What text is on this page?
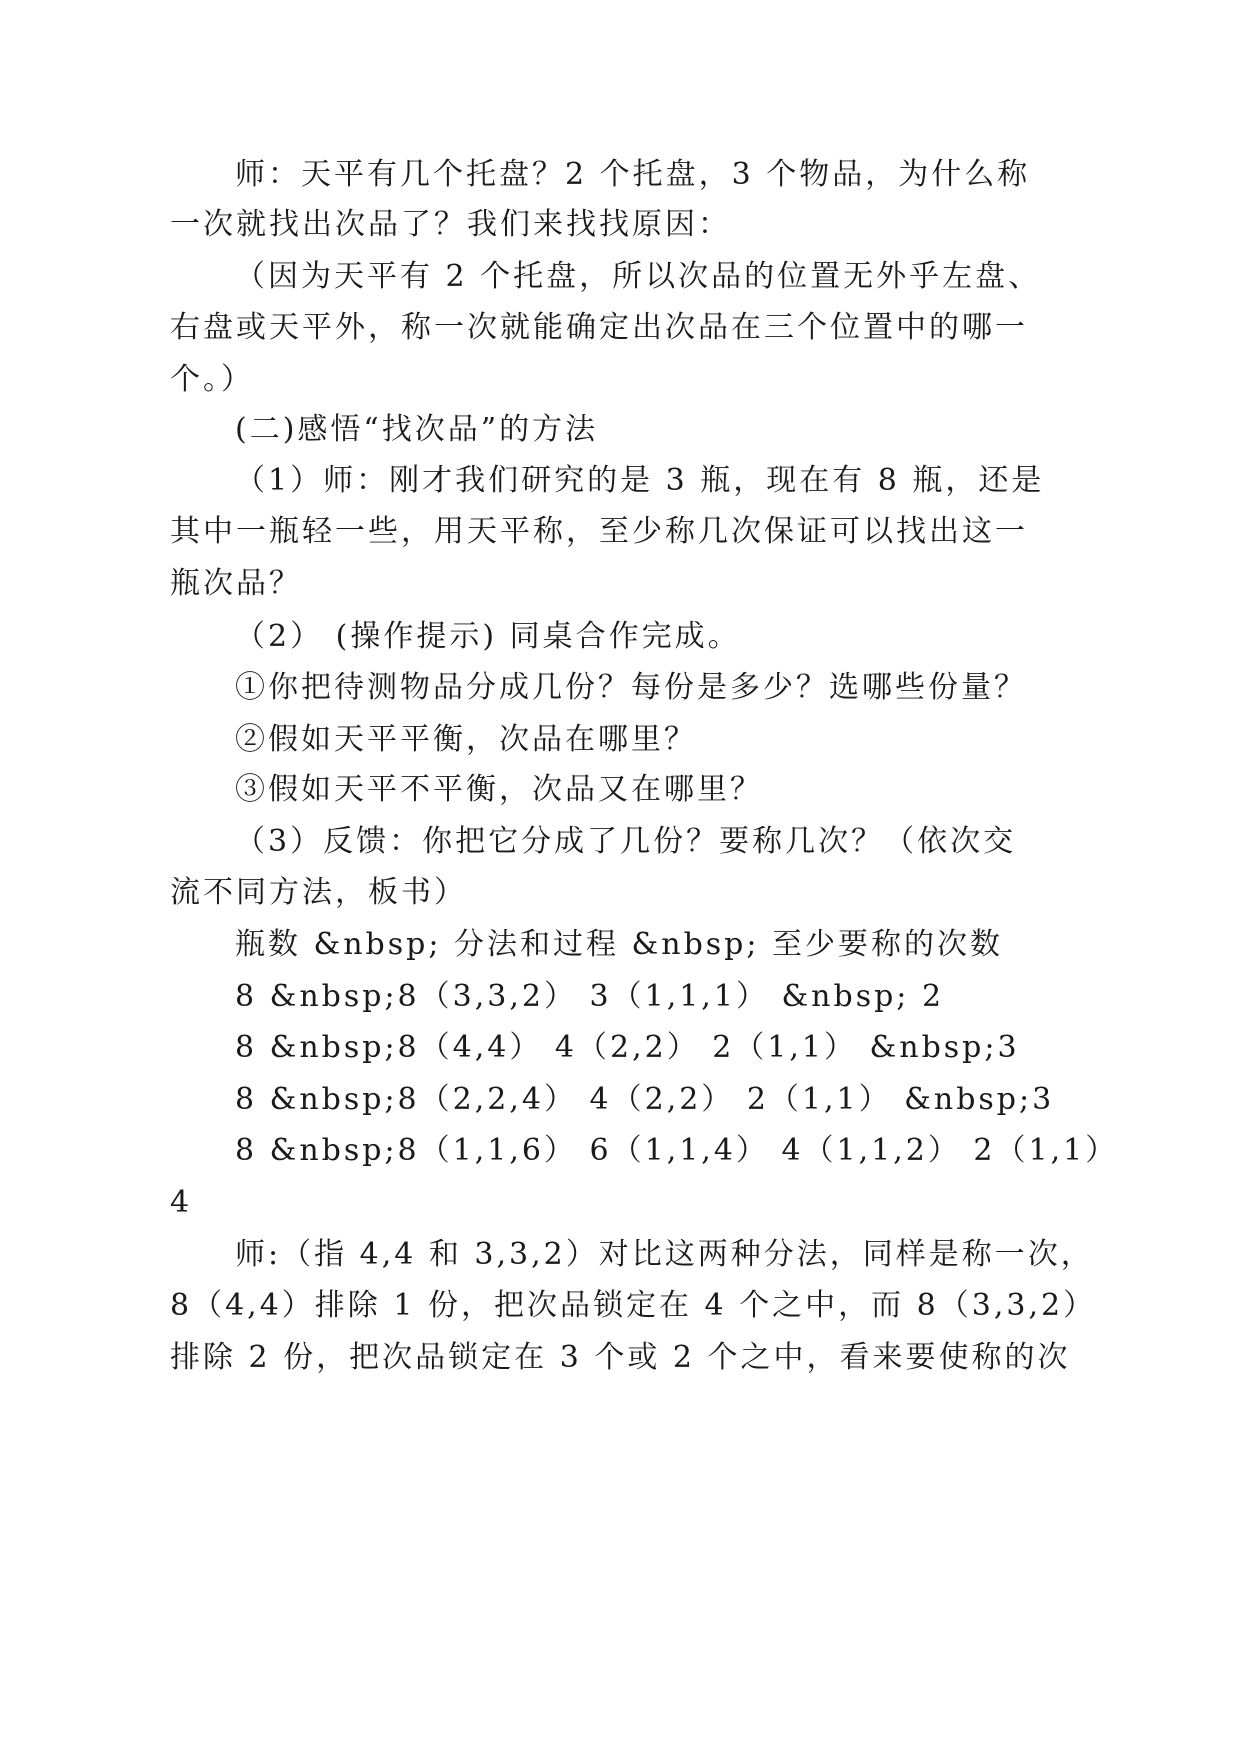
师：天平有几个托盘？2 个托盘，3 个物品，为什么称
一次就找出次品了？我们来找找原因：
（因为天平有 2 个托盘，所以次品的位置无外乎左盘、
右盘或天平外，称一次就能确定出次品在三个位置中的哪一
个。）
(二)感悟“找次品”的方法
（1）师：刚才我们研究的是 3 瓶，现在有 8 瓶，还是
其中一瓶轻一些，用天平称，至少称几次保证可以找出这一
瓶次品？
（2） (操作提示) 同桌合作完成。
①你把待测物品分成几份？每份是多少？选哪些份量？
②假如天平平衡，次品在哪里？
③假如天平不平衡，次品又在哪里？
（3）反馈：你把它分成了几份？要称几次？（依次交
流不同方法，板书）
瓶数 &nbsp; 分法和过程 &nbsp; 至少要称的次数
8 &nbsp;8（3,3,2） 3（1,1,1） &nbsp; 2
8 &nbsp;8（4,4） 4（2,2） 2（1,1） &nbsp;3
8 &nbsp;8（2,2,4） 4（2,2） 2（1,1） &nbsp;3
8 &nbsp;8（1,1,6） 6（1,1,4） 4（1,1,2） 2（1,1）
4
师:（指 4,4 和 3,3,2）对比这两种分法，同样是称一次，
8（4,4）排除 1 份，把次品锁定在 4 个之中，而 8（3,3,2）
排除 2 份，把次品锁定在 3 个或 2 个之中，看来要使称的次
